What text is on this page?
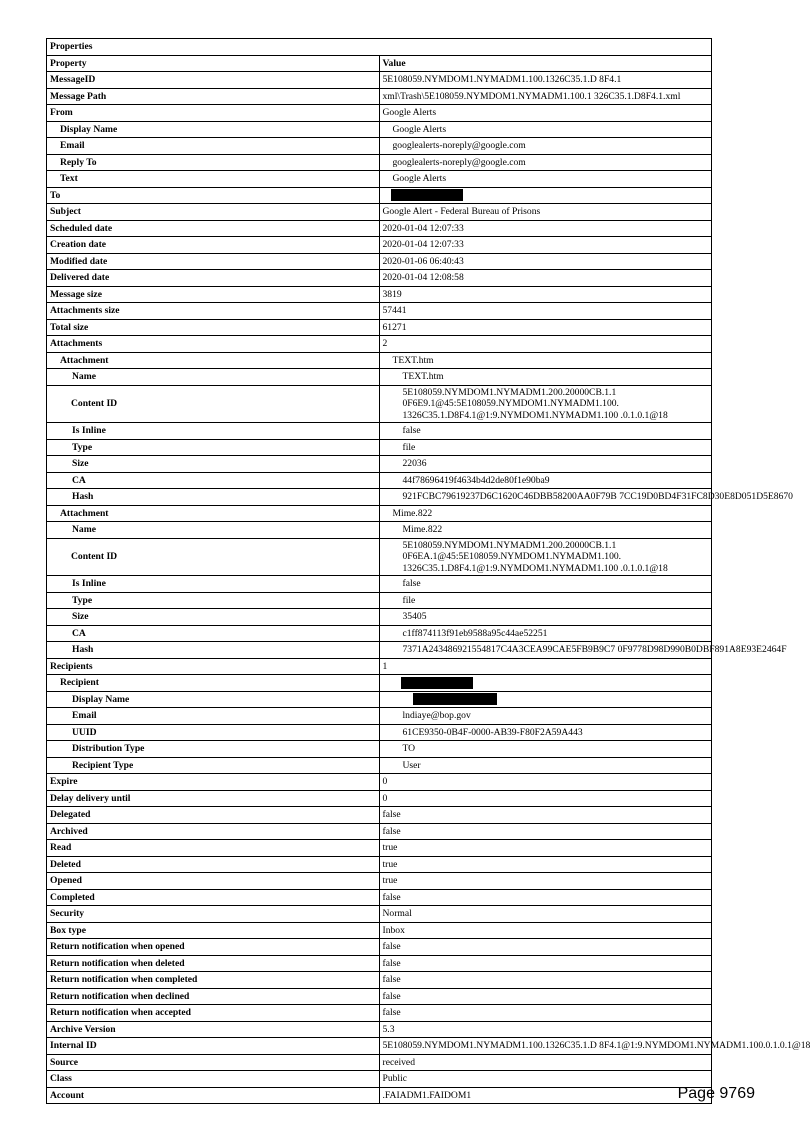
Properties	
Property	Value
MessageID	5E108059.NYMDOM1.NYMADM1.100.1326C35.1.D 8F4.1
Message Path	xml\Trash\5E108059.NYMDOM1.NYMADM1.100.1 326C35.1.D8F4.1.xml
From	Google Alerts
Display Name	Google Alerts
Email	googlealerts-noreply@google.com
Reply To	googlealerts-noreply@google.com
Text	Google Alerts
To	
Subject	Google Alert - Federal Bureau of Prisons
Scheduled date	2020-01-04 12:07:33
Creation date	2020-01-04 12:07:33
Modified date	2020-01-06 06:40:43
Delivered date	2020-01-04 12:08:58
Message size	3819
Attachments size	57441
Total size	61271
Attachments	2
Attachment	TEXT.htm
Name	TEXT.htm
Content ID	5E108059.NYMDOM1.NYMADM1.200.20000CB.1.1
0F6E9.1@45:5E108059.NYMDOM1.NYMADM1.100.
1326C35.1.D8F4.1@1:9.NYMDOM1.NYMADM1.100 .0.1.0.1@18

Is Inline	false
Type	file
Size	22036
CA	44f78696419f4634b4d2de80f1e90ba9
Hash	921FCBC79619237D6C1620C46DBB58200AA0F79B 7CC19D0BD4F31FC8D30E8D051D5E8670
Attachment	Mime.822
Name	Mime.822
Content ID	5E108059.NYMDOM1.NYMADM1.200.20000CB.1.1
0F6EA.1@45:5E108059.NYMDOM1.NYMADM1.100.
1326C35.1.D8F4.1@1:9.NYMDOM1.NYMADM1.100 .0.1.0.1@18

Is Inline	false
Type	file
Size	35405
CA	c1ff874113f91eb9588a95c44ae52251
Hash	7371A243486921554817C4A3CEA99CAE5FB9B9C7 0F9778D98D990B0DBF891A8E93E2464F
Recipients	1
Recipient	
Display Name	
Email	lndiaye@bop.gov
UUID	61CE9350-0B4F-0000-AB39-F80F2A59A443
Distribution Type	TO
Recipient Type	User
Expire	0
Delay delivery until	0
Delegated	false
Archived	false
Read	true
Deleted	true
Opened	true
Completed	false
Security	Normal
Box type	Inbox
Return notification when opened	false
Return notification when deleted	false
Return notification when completed	false
Return notification when declined	false
Return notification when accepted	false
Archive Version	5.3
Internal ID	5E108059.NYMDOM1.NYMADM1.100.1326C35.1.D 8F4.1@1:9.NYMDOM1.NYMADM1.100.0.1.0.1@18
Source	received
Class	Public
Account	.FAIADM1.FAIDOM1	Page 9769
